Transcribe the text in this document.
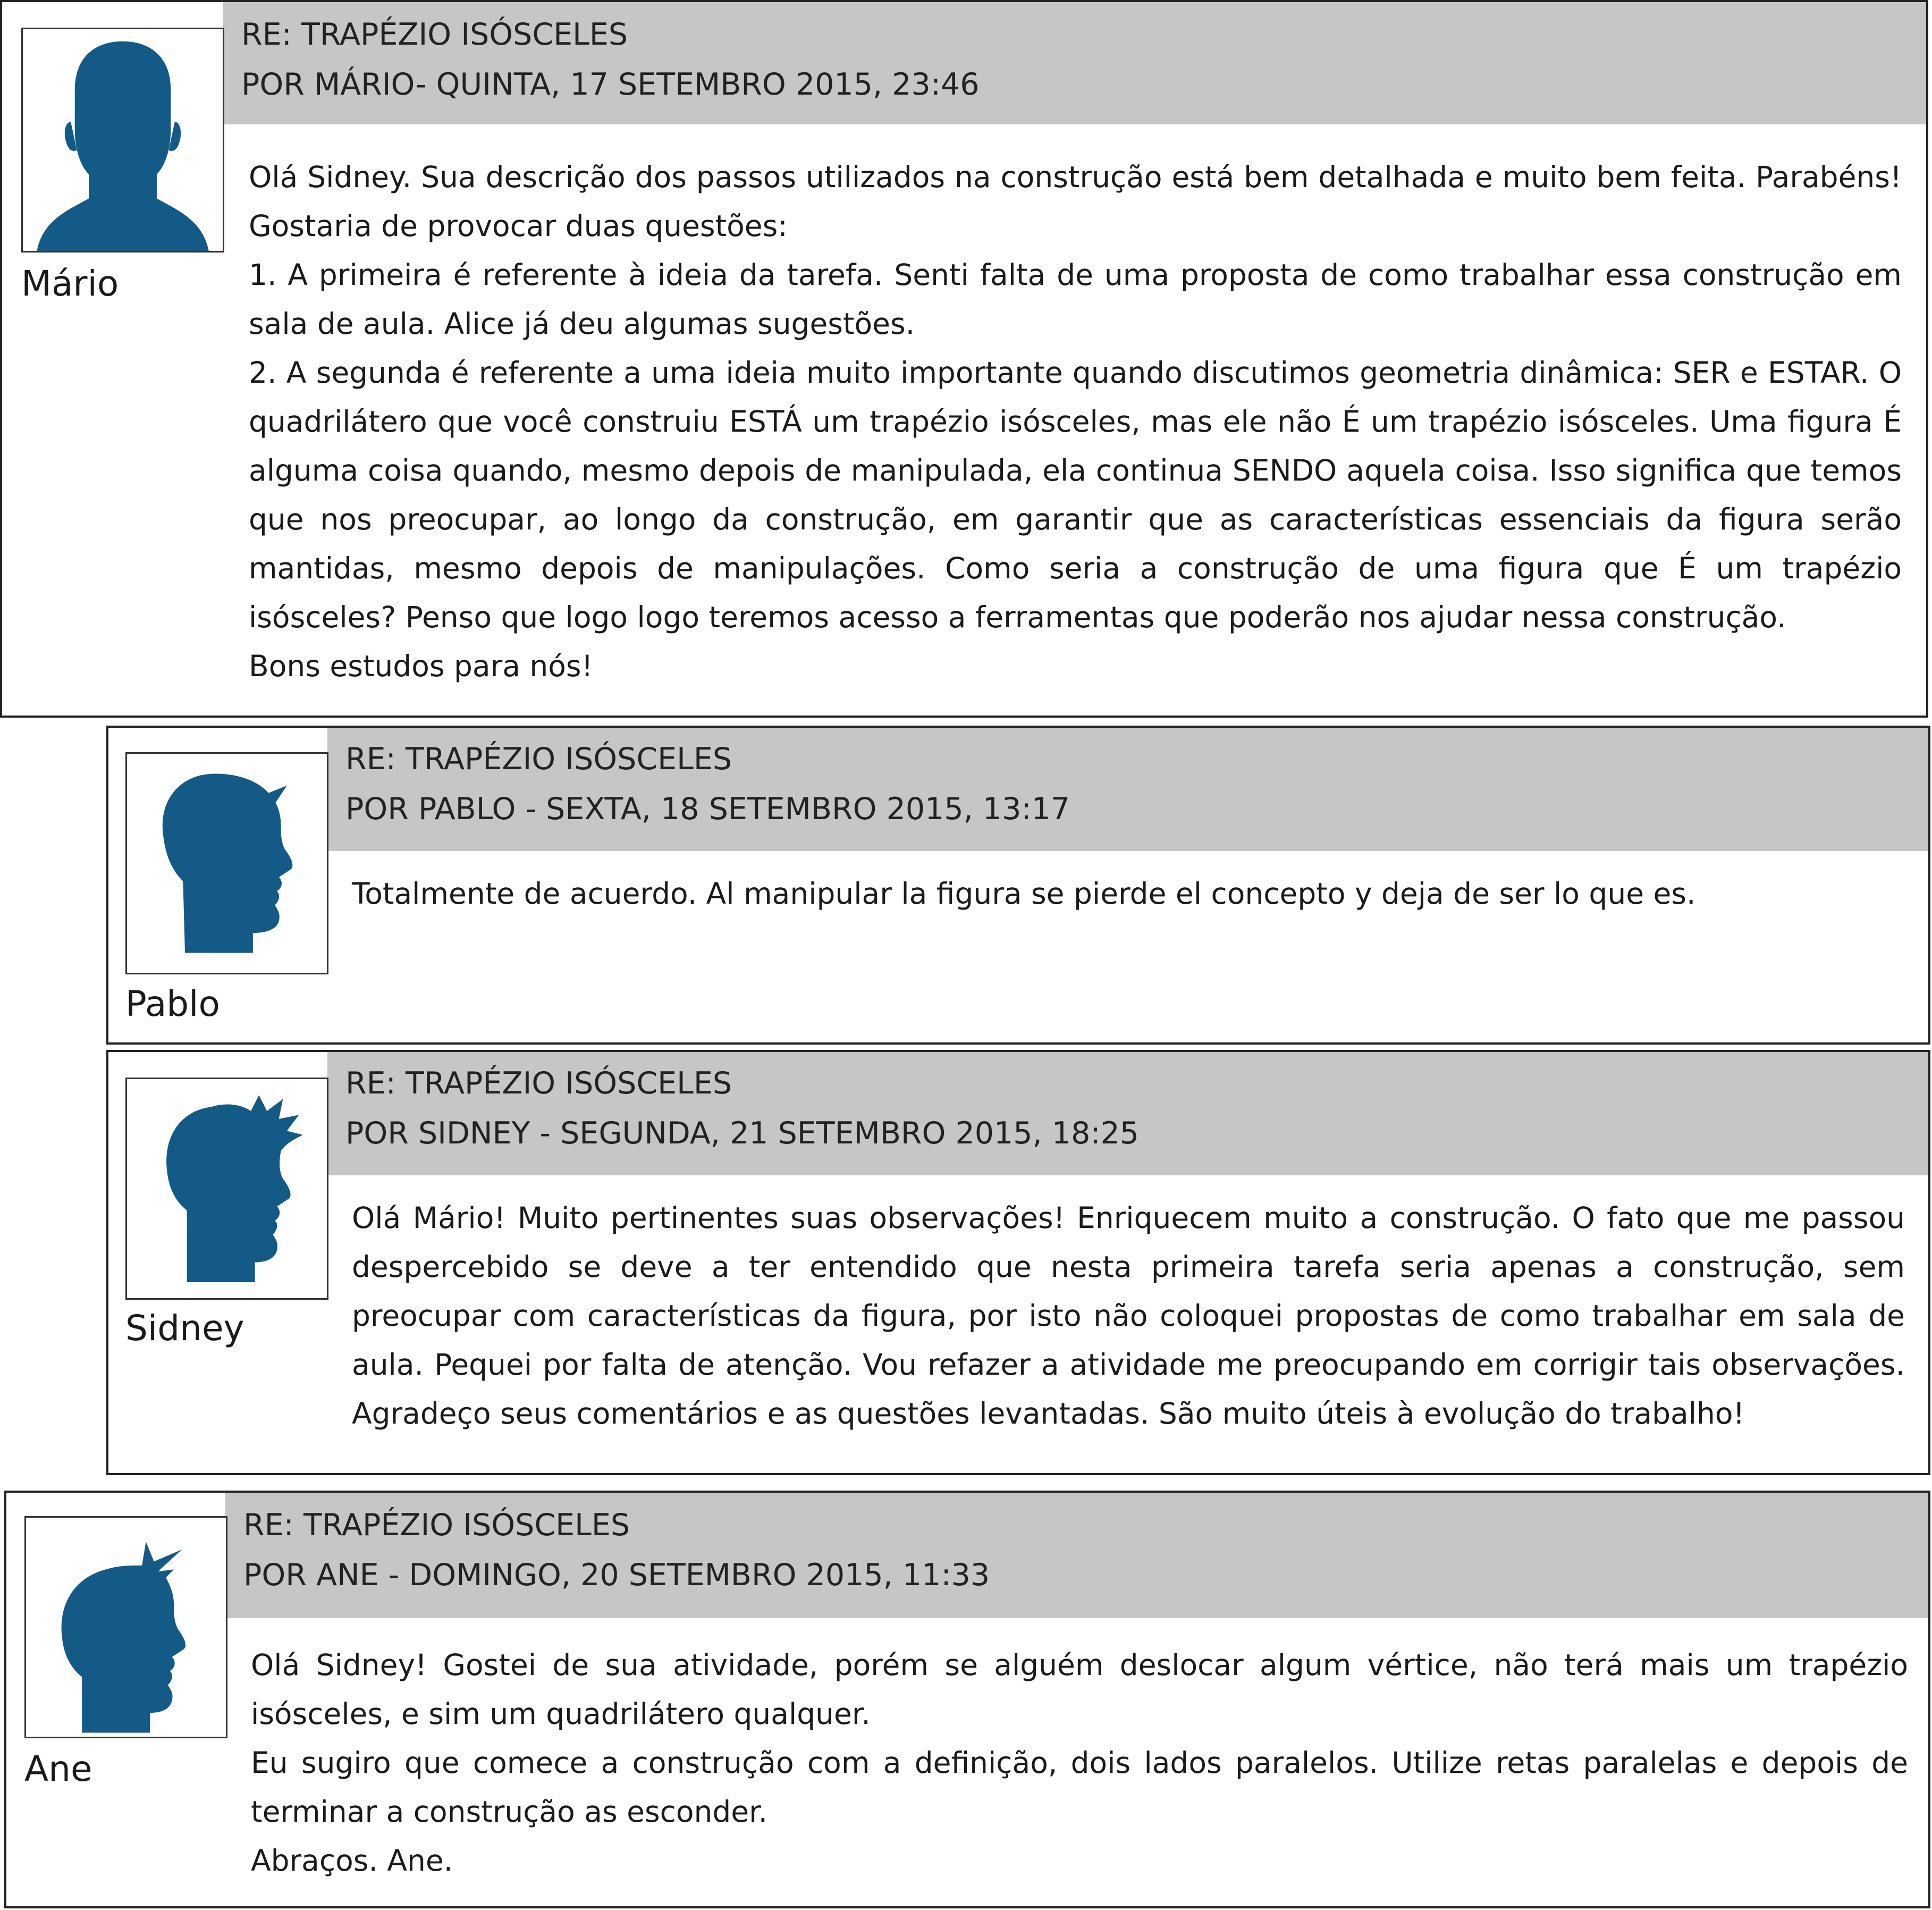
RE: TRAPÉZIO ISÓSCELES
POR MÁRIO- QUINTA, 17 SETEMBRO 2015, 23:46
Mário

Olá Sidney. Sua descrição dos passos utilizados na construção está bem detalhada e muito bem feita. Parabéns! Gostaria de provocar duas questões:

1. A primeira é referente à ideia da tarefa. Senti falta de uma proposta de como trabalhar essa construção em sala de aula. Alice já deu algumas sugestões.

2. A segunda é referente a uma ideia muito importante quando discutimos geometria dinâmica: SER e ESTAR. O quadrilátero que você construiu ESTÁ um trapézio isósceles, mas ele não É um trapézio isósceles. Uma figura É alguma coisa quando, mesmo depois de manipulada, ela continua SENDO aquela coisa. Isso significa que temos que nos preocupar, ao longo da construção, em garantir que as características essenciais da figura serão mantidas, mesmo depois de manipulações. Como seria a construção de uma figura que É um trapézio isósceles? Penso que logo logo teremos acesso a ferramentas que poderão nos ajudar nessa construção.

Bons estudos para nós!

RE: TRAPÉZIO ISÓSCELES
POR PABLO - SEXTA, 18 SETEMBRO 2015, 13:17
Pablo

Totalmente de acuerdo. Al manipular la figura se pierde el concepto y deja de ser lo que es.

RE: TRAPÉZIO ISÓSCELES
POR SIDNEY - SEGUNDA, 21 SETEMBRO 2015, 18:25
Sidney

Olá Mário! Muito pertinentes suas observações! Enriquecem muito a construção. O fato que me passou despercebido se deve a ter entendido que nesta primeira tarefa seria apenas a construção, sem preocupar com características da figura, por isto não coloquei propostas de como trabalhar em sala de aula. Pequei por falta de atenção. Vou refazer a atividade me preocupando em corrigir tais observações. Agradeço seus comentários e as questões levantadas. São muito úteis à evolução do trabalho!

RE: TRAPÉZIO ISÓSCELES
POR ANE - DOMINGO, 20 SETEMBRO 2015, 11:33
Ane

Olá Sidney! Gostei de sua atividade, porém se alguém deslocar algum vértice, não terá mais um trapézio isósceles, e sim um quadrilátero qualquer.

Eu sugiro que comece a construção com a definição, dois lados paralelos. Utilize retas paralelas e depois de terminar a construção as esconder.

Abraços. Ane.
